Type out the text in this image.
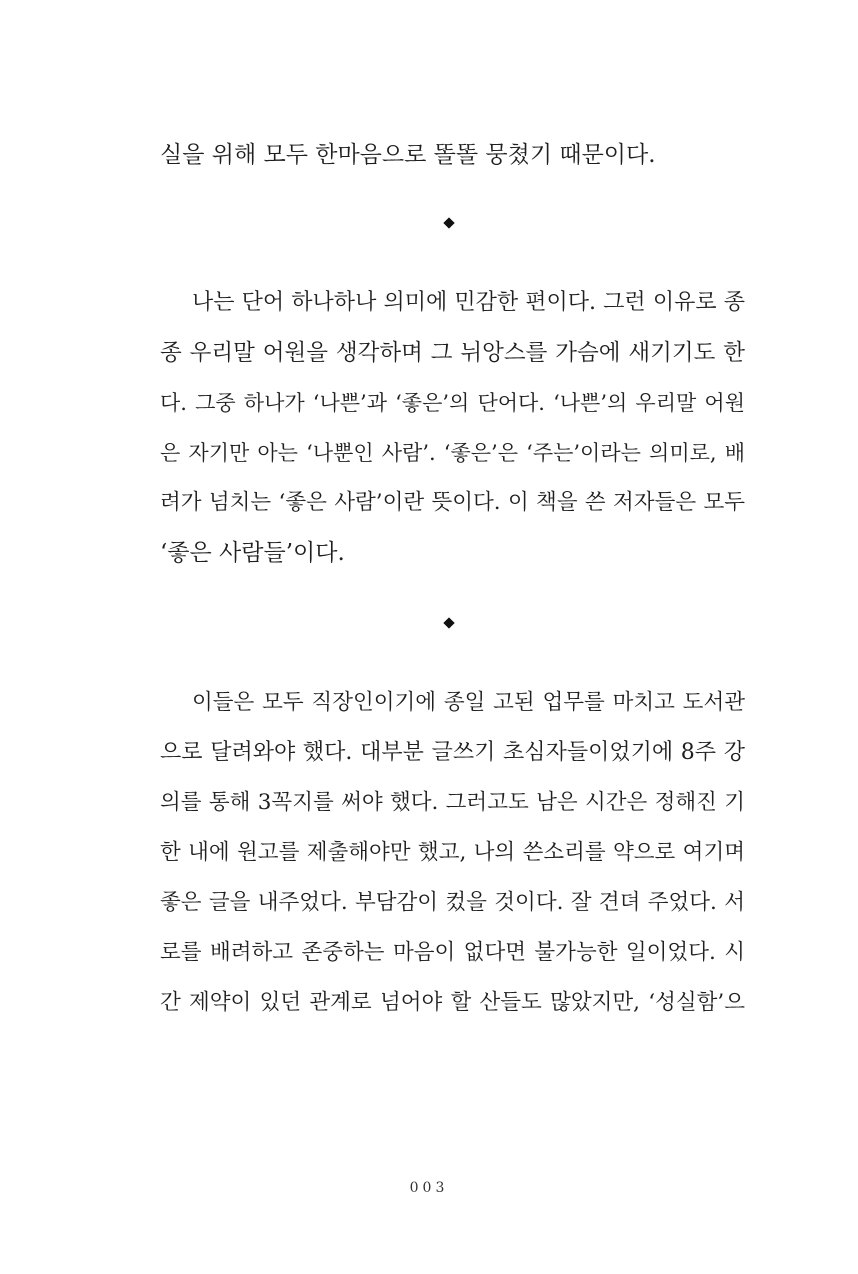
실을 위해 모두 한마음으로 똘똘 뭉쳤기 때문이다.
나는 단어 하나하나 의미에 민감한 편이다. 그런 이유로 종
종 우리말 어원을 생각하며 그 뉘앙스를 가슴에 새기기도 한
다. 그중 하나가 ‘나쁜’과 ‘좋은’의 단어다. ‘나쁜’의 우리말 어원
은 자기만 아는 ‘나뿐인 사람’. ‘좋은’은 ‘주는’이라는 의미로, 배
려가 넘치는 ‘좋은 사람’이란 뜻이다. 이 책을 쓴 저자들은 모두
‘좋은 사람들’이다.
이들은 모두 직장인이기에 종일 고된 업무를 마치고 도서관
으로 달려와야 했다. 대부분 글쓰기 초심자들이었기에 8주 강
의를 통해 3꼭지를 써야 했다. 그러고도 남은 시간은 정해진 기
한 내에 원고를 제출해야만 했고, 나의 쓴소리를 약으로 여기며
좋은 글을 내주었다. 부담감이 컸을 것이다. 잘 견뎌 주었다. 서
로를 배려하고 존중하는 마음이 없다면 불가능한 일이었다. 시
간 제약이 있던 관계로 넘어야 할 산들도 많았지만, ‘성실함’으
003
